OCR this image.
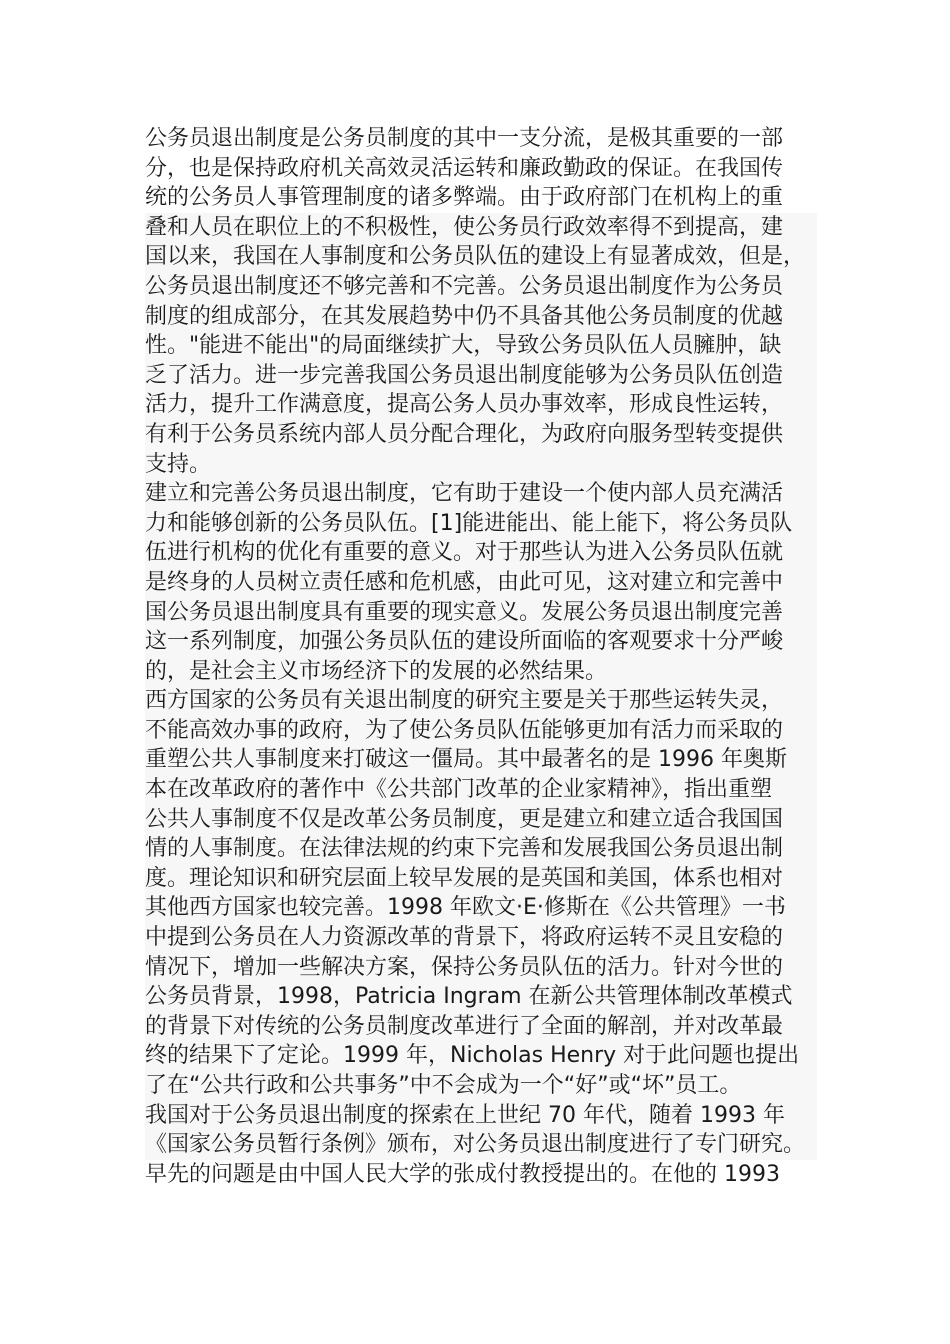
公务员退出制度是公务员制度的其中一支分流，是极其重要的一部
分，也是保持政府机关高效灵活运转和廉政勤政的保证。在我国传
统的公务员人事管理制度的诸多弊端。由于政府部门在机构上的重
叠和人员在职位上的不积极性，使公务员行政效率得不到提高，建
国以来，我国在人事制度和公务员队伍的建设上有显著成效，但是，
公务员退出制度还不够完善和不完善。公务员退出制度作为公务员
制度的组成部分，在其发展趋势中仍不具备其他公务员制度的优越
性。"能进不能出"的局面继续扩大，导致公务员队伍人员臃肿，缺
乏了活力。进一步完善我国公务员退出制度能够为公务员队伍创造
活力，提升工作满意度，提高公务人员办事效率，形成良性运转，
有利于公务员系统内部人员分配合理化，为政府向服务型转变提供
支持。
建立和完善公务员退出制度，它有助于建设一个使内部人员充满活
力和能够创新的公务员队伍。[1]能进能出、能上能下，将公务员队
伍进行机构的优化有重要的意义。对于那些认为进入公务员队伍就
是终身的人员树立责任感和危机感，由此可见，这对建立和完善中
国公务员退出制度具有重要的现实意义。发展公务员退出制度完善
这一系列制度，加强公务员队伍的建设所面临的客观要求十分严峻
的，是社会主义市场经济下的发展的必然结果。
西方国家的公务员有关退出制度的研究主要是关于那些运转失灵，
不能高效办事的政府，为了使公务员队伍能够更加有活力而采取的
重塑公共人事制度来打破这一僵局。其中最著名的是 1996 年奥斯
本在改革政府的著作中《公共部门改革的企业家精神》，指出重塑
公共人事制度不仅是改革公务员制度，更是建立和建立适合我国国
情的人事制度。在法律法规的约束下完善和发展我国公务员退出制
度。理论知识和研究层面上较早发展的是英国和美国，体系也相对
其他西方国家也较完善。1998 年欧文·E·修斯在《公共管理》一书
中提到公务员在人力资源改革的背景下，将政府运转不灵且安稳的
情况下，增加一些解决方案，保持公务员队伍的活力。针对今世的
公务员背景，1998，Patricia Ingram 在新公共管理体制改革模式
的背景下对传统的公务员制度改革进行了全面的解剖，并对改革最
终的结果下了定论。1999 年，Nicholas Henry 对于此问题也提出
了在“公共行政和公共事务”中不会成为一个“好”或“坏”员工。
我国对于公务员退出制度的探索在上世纪 70 年代，随着 1993 年
《国家公务员暂行条例》颁布，对公务员退出制度进行了专门研究。
早先的问题是由中国人民大学的张成付教授提出的。在他的 1993
